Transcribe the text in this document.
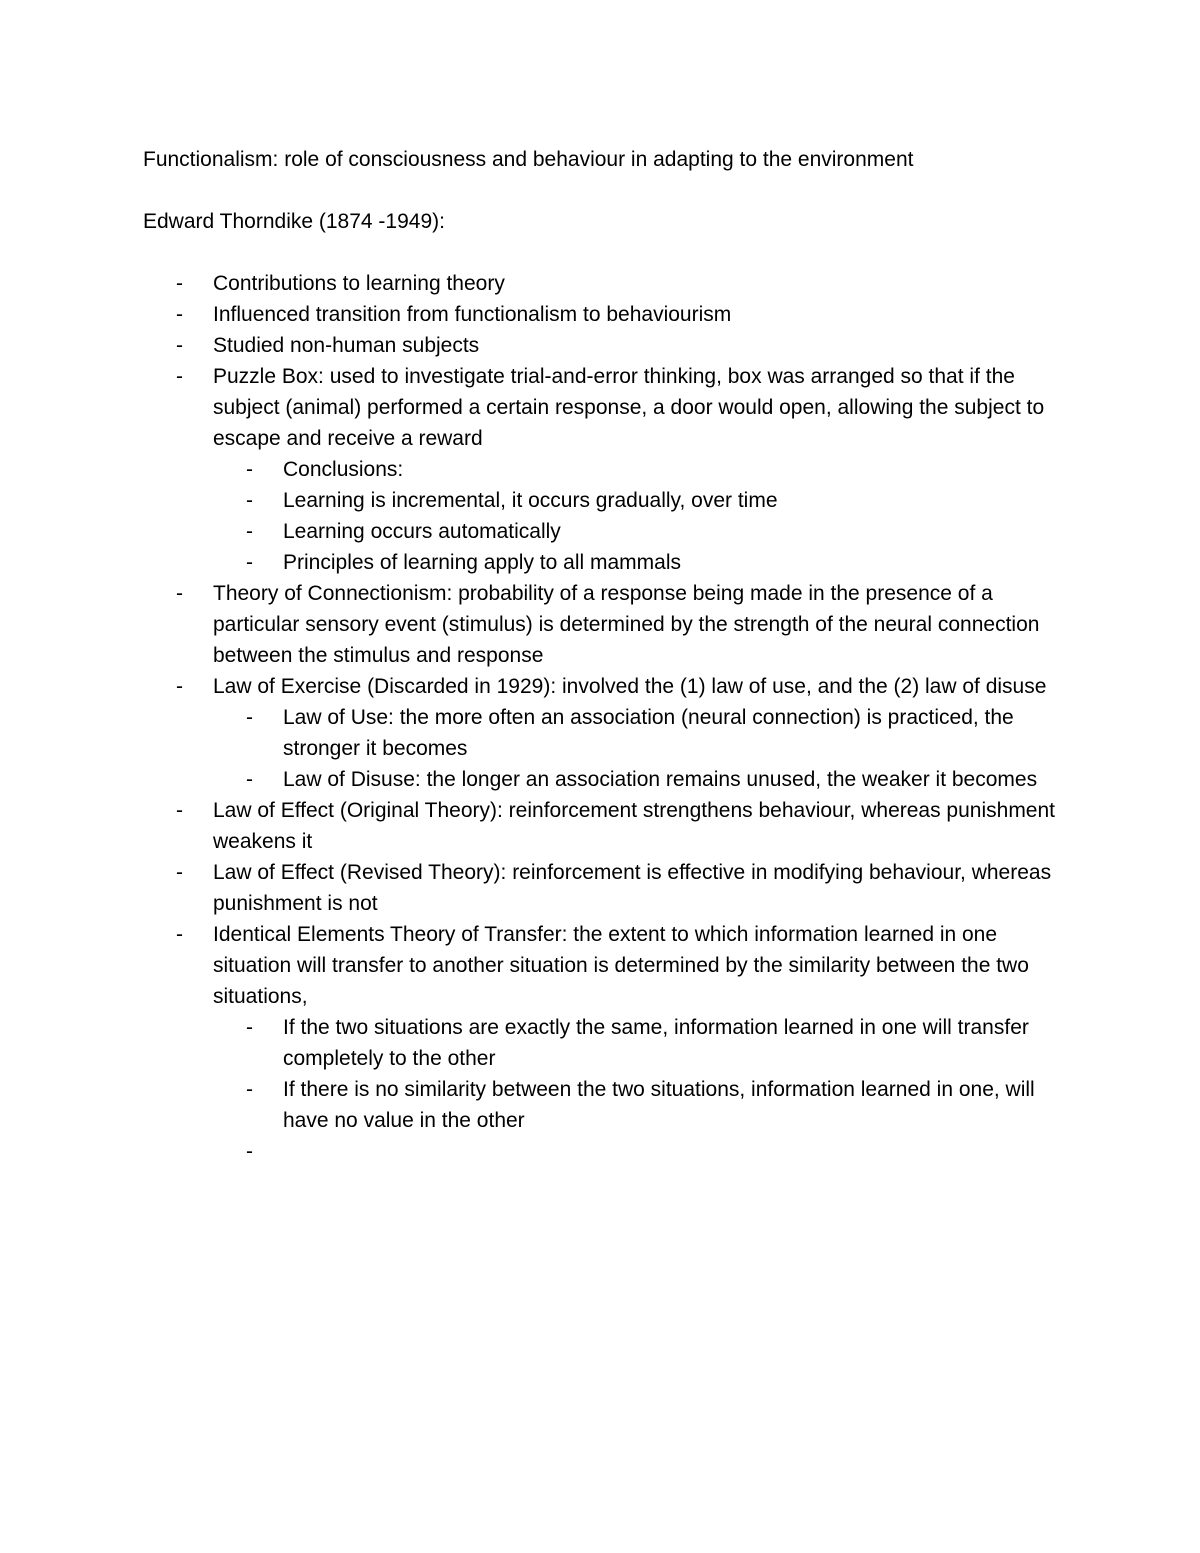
Functionalism: role of consciousness and behaviour in adapting to the environment

Edward Thorndike (1874 -1949):

- Contributions to learning theory
- Influenced transition from functionalism to behaviourism
- Studied non-human subjects
- Puzzle Box: used to investigate trial-and-error thinking, box was arranged so that if the subject (animal) performed a certain response, a door would open, allowing the subject to escape and receive a reward
- Conclusions:
- Learning is incremental, it occurs gradually, over time
- Learning occurs automatically
- Principles of learning apply to all mammals
- Theory of Connectionism: probability of a response being made in the presence of a particular sensory event (stimulus) is determined by the strength of the neural connection between the stimulus and response
- Law of Exercise (Discarded in 1929): involved the (1) law of use, and the (2) law of disuse
- Law of Use: the more often an association (neural connection) is practiced, the stronger it becomes
- Law of Disuse: the longer an association remains unused, the weaker it becomes
- Law of Effect (Original Theory): reinforcement strengthens behaviour, whereas punishment weakens it
- Law of Effect (Revised Theory): reinforcement is effective in modifying behaviour, whereas punishment is not
- Identical Elements Theory of Transfer: the extent to which information learned in one situation will transfer to another situation is determined by the similarity between the two situations,
- If the two situations are exactly the same, information learned in one will transfer completely to the other
- If there is no similarity between the two situations, information learned in one, will have no value in the other
-
